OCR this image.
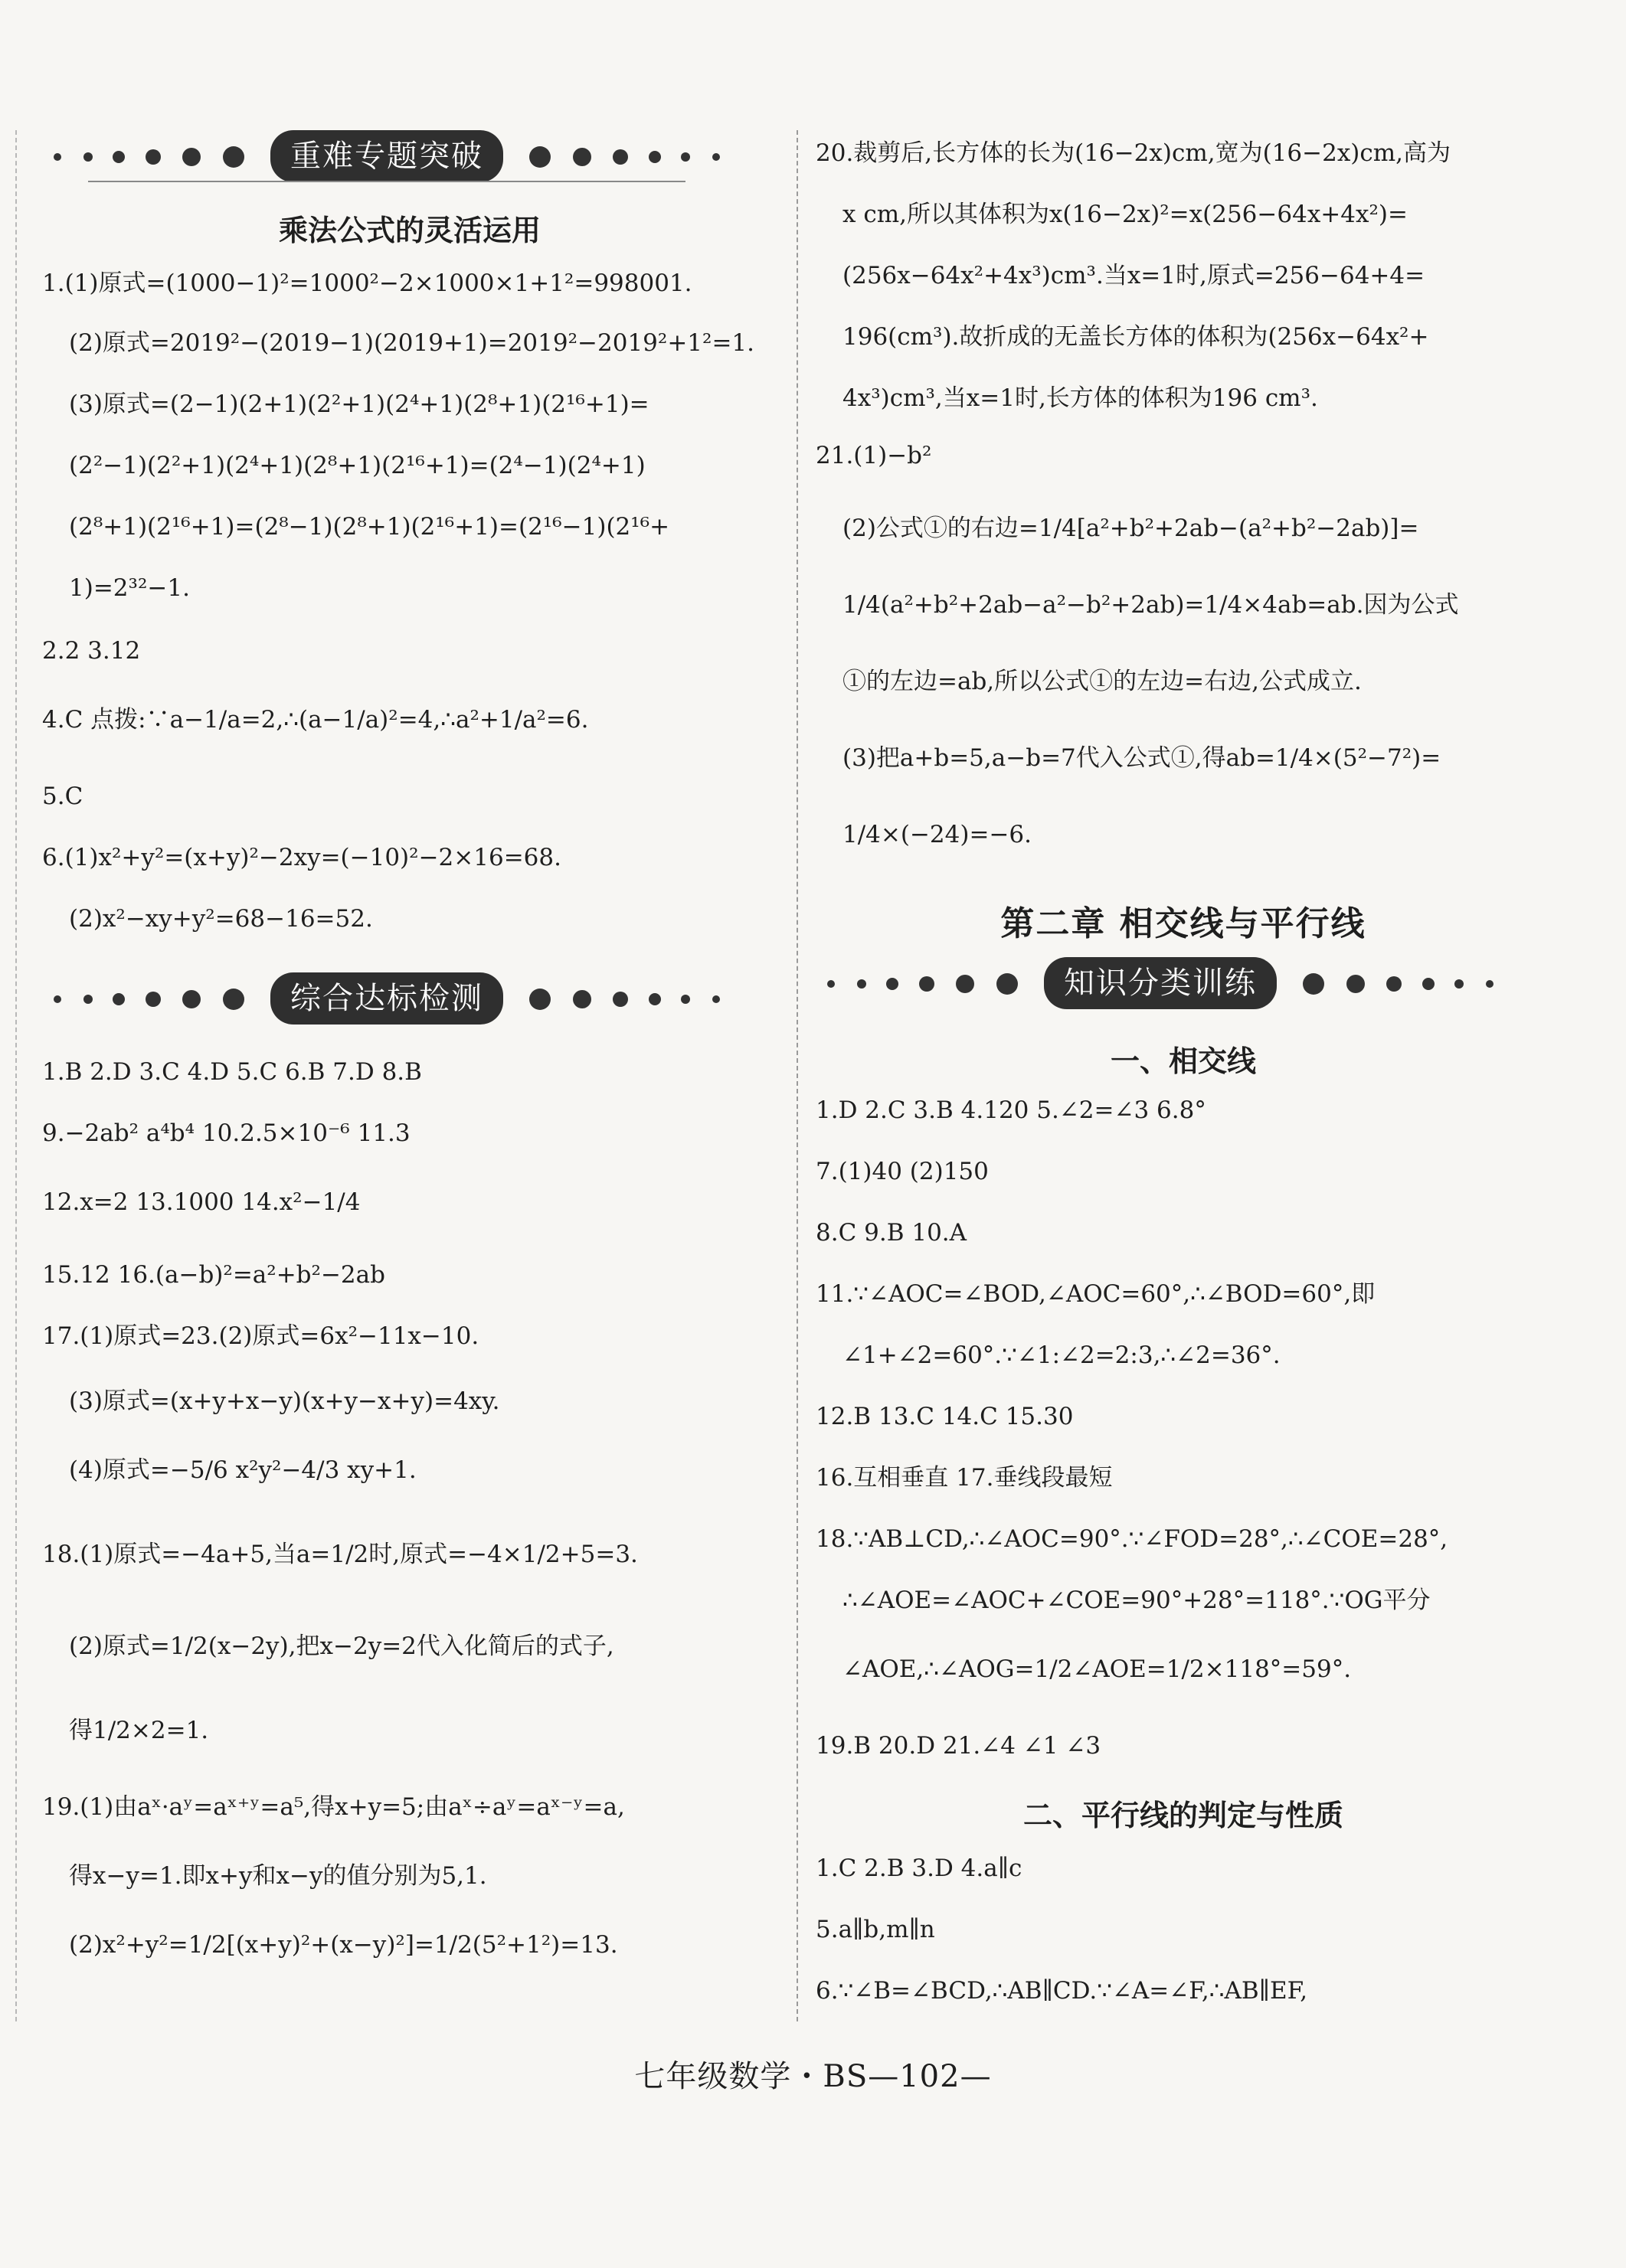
重难专题突破
乘法公式的灵活运用
1.(1)原式=(1000−1)²=1000²−2×1000×1+1²=998001.
(2)原式=2019²−(2019−1)(2019+1)=2019²−2019²+1²=1.
(3)原式=(2−1)(2+1)(2²+1)(2⁴+1)(2⁸+1)(2¹⁶+1)=
(2²−1)(2²+1)(2⁴+1)(2⁸+1)(2¹⁶+1)=(2⁴−1)(2⁴+1)
(2⁸+1)(2¹⁶+1)=(2⁸−1)(2⁸+1)(2¹⁶+1)=(2¹⁶−1)(2¹⁶+
1)=2³²−1.
2.2 3.12
4.C 点拨:∵a−1/a=2,∴(a−1/a)²=4,∴a²+1/a²=6.
5.C
6.(1)x²+y²=(x+y)²−2xy=(−10)²−2×16=68.
(2)x²−xy+y²=68−16=52.
综合达标检测
1.B 2.D 3.C 4.D 5.C 6.B 7.D 8.B
9.−2ab² a⁴b⁴ 10.2.5×10⁻⁶ 11.3
12.x=2 13.1000 14.x²−1/4
15.12 16.(a−b)²=a²+b²−2ab
17.(1)原式=23.(2)原式=6x²−11x−10.
(3)原式=(x+y+x−y)(x+y−x+y)=4xy.
(4)原式=−5/6 x²y²−4/3 xy+1.
18.(1)原式=−4a+5,当a=1/2时,原式=−4×1/2+5=3.
(2)原式=1/2(x−2y),把x−2y=2代入化简后的式子,
得1/2×2=1.
19.(1)由aˣ·aʸ=aˣ⁺ʸ=a⁵,得x+y=5;由aˣ÷aʸ=aˣ⁻ʸ=a,
得x−y=1.即x+y和x−y的值分别为5,1.
(2)x²+y²=1/2[(x+y)²+(x−y)²]=1/2(5²+1²)=13.
20.裁剪后,长方体的长为(16−2x)cm,宽为(16−2x)cm,高为
x cm,所以其体积为x(16−2x)²=x(256−64x+4x²)=
(256x−64x²+4x³)cm³.当x=1时,原式=256−64+4=
196(cm³).故折成的无盖长方体的体积为(256x−64x²+
4x³)cm³,当x=1时,长方体的体积为196 cm³.
21.(1)−b²
(2)公式①的右边=1/4[a²+b²+2ab−(a²+b²−2ab)]=
1/4(a²+b²+2ab−a²−b²+2ab)=1/4×4ab=ab.因为公式
①的左边=ab,所以公式①的左边=右边,公式成立.
(3)把a+b=5,a−b=7代入公式①,得ab=1/4×(5²−7²)=
1/4×(−24)=−6.
第二章 相交线与平行线
知识分类训练
一、相交线
1.D 2.C 3.B 4.120 5.∠2=∠3 6.8°
7.(1)40 (2)150
8.C 9.B 10.A
11.∵∠AOC=∠BOD,∠AOC=60°,∴∠BOD=60°,即
∠1+∠2=60°.∵∠1:∠2=2:3,∴∠2=36°.
12.B 13.C 14.C 15.30
16.互相垂直 17.垂线段最短
18.∵AB⊥CD,∴∠AOC=90°.∵∠FOD=28°,∴∠COE=28°,
∴∠AOE=∠AOC+∠COE=90°+28°=118°.∵OG平分
∠AOE,∴∠AOG=1/2∠AOE=1/2×118°=59°.
19.B 20.D 21.∠4 ∠1 ∠3
二、平行线的判定与性质
1.C 2.B 3.D 4.a∥c
5.a∥b,m∥n
6.∵∠B=∠BCD,∴AB∥CD.∵∠A=∠F,∴AB∥EF,
七年级数学・BS—102—
